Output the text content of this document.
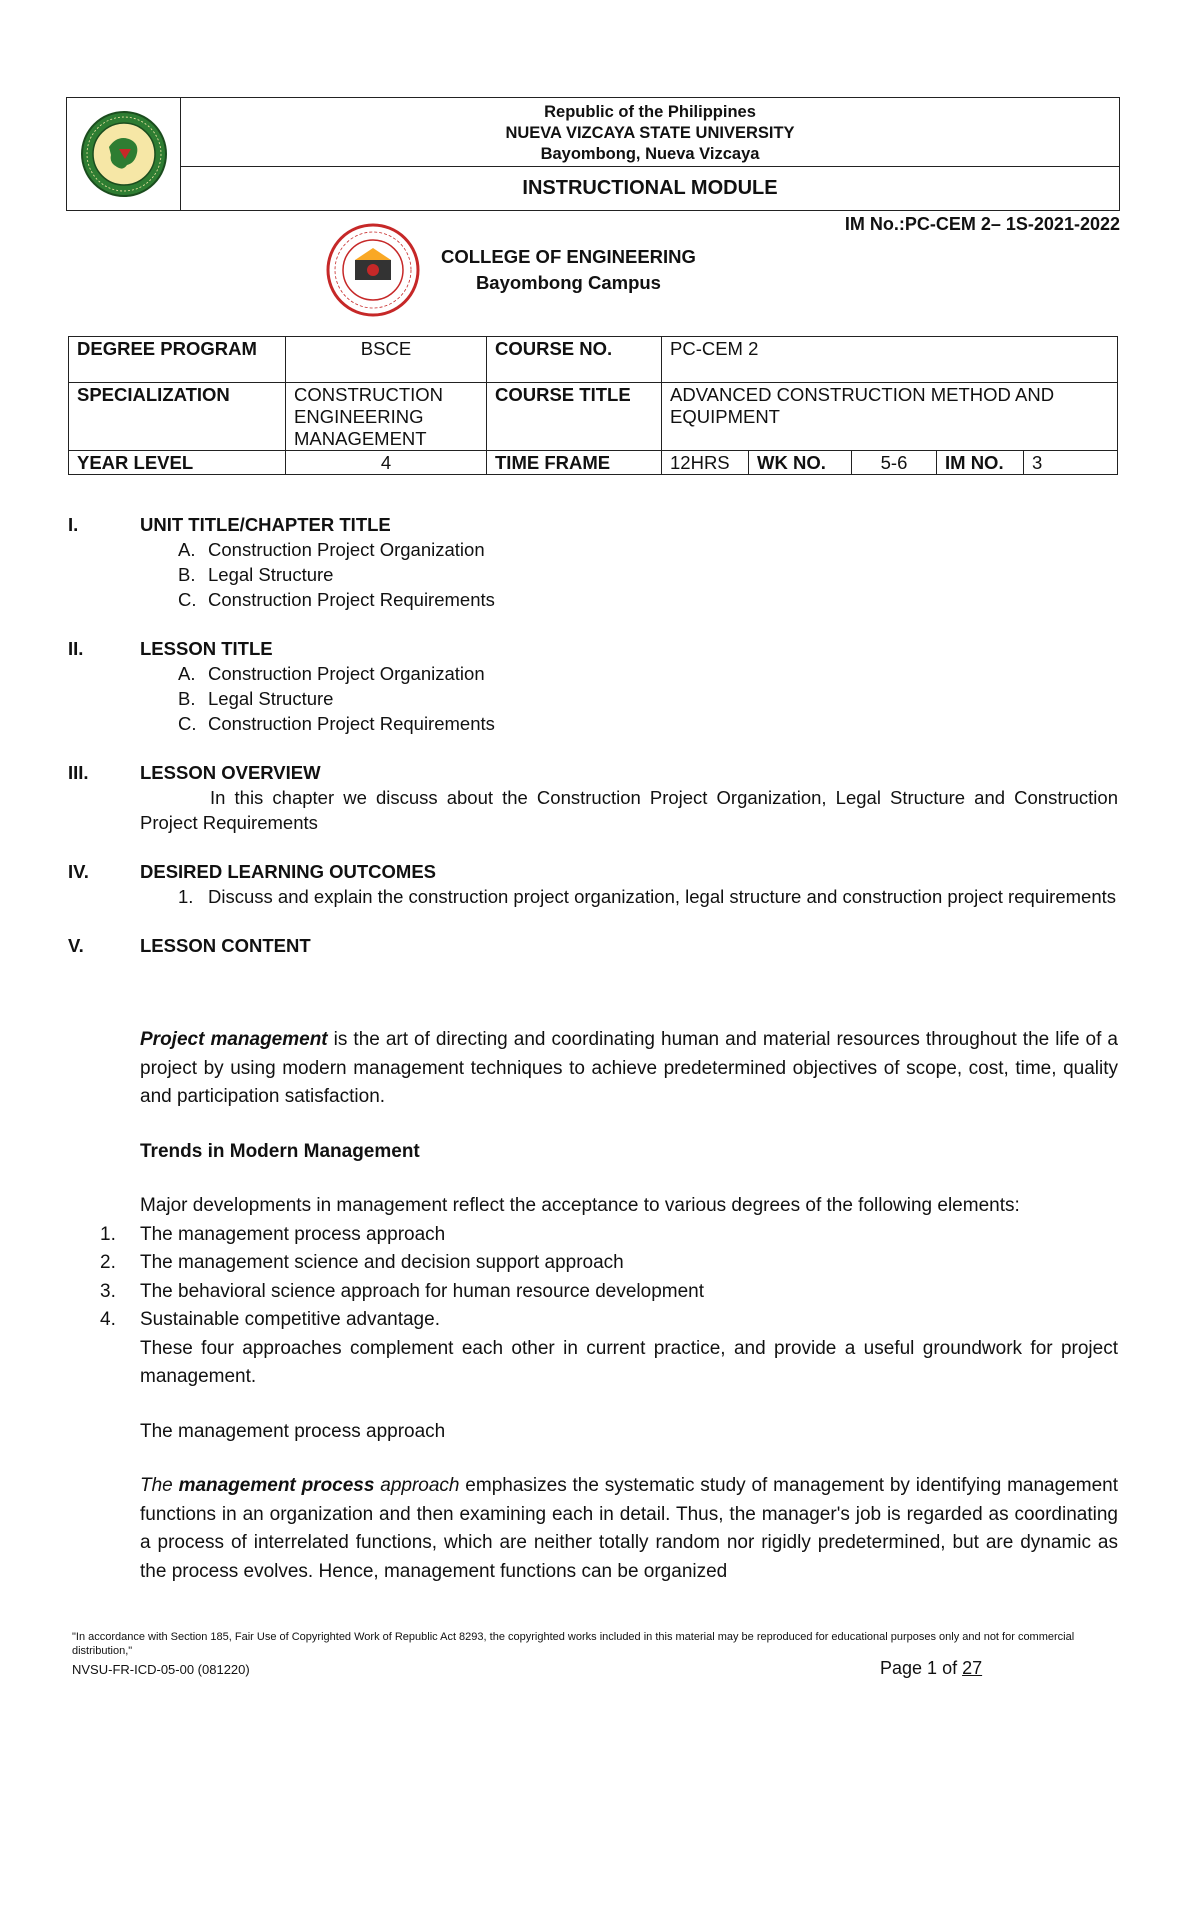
Republic of the Philippines
NUEVA VIZCAYA STATE UNIVERSITY
Bayombong, Nueva Vizcaya
INSTRUCTIONAL MODULE
IM No.:PC-CEM 2– 1S-2021-2022
COLLEGE OF ENGINEERING
Bayombong Campus
DEGREE PROGRAM	BSCE	COURSE NO.	PC-CEM 2				
SPECIALIZATION	CONSTRUCTION ENGINEERING MANAGEMENT	COURSE TITLE	ADVANCED CONSTRUCTION METHOD AND EQUIPMENT				
YEAR LEVEL	4	TIME FRAME	12HRS	WK NO.	5-6	IM NO.	3
I.	UNIT TITLE/CHAPTER TITLE
A. Construction Project Organization
B. Legal Structure
C. Construction Project Requirements
II.	LESSON TITLE
A. Construction Project Organization
B. Legal Structure
C. Construction Project Requirements
III.	LESSON OVERVIEW
In this chapter we discuss about the Construction Project Organization, Legal Structure and Construction Project Requirements
IV.	DESIRED LEARNING OUTCOMES
1. Discuss and explain the construction project organization, legal structure and construction project requirements
V.	LESSON CONTENT

Project management is the art of directing and coordinating human and material resources throughout the life of a project by using modern management techniques to achieve predetermined objectives of scope, cost, time, quality and participation satisfaction.

Trends in Modern Management

Major developments in management reflect the acceptance to various degrees of the following elements:

1. The management process approach
2. The management science and decision support approach
3. The behavioral science approach for human resource development
4. Sustainable competitive advantage.

These four approaches complement each other in current practice, and provide a useful groundwork for project management.

The management process approach

The management process approach emphasizes the systematic study of management by identifying management functions in an organization and then examining each in detail. Thus, the manager's job is regarded as coordinating a process of interrelated functions, which are neither totally random nor rigidly predetermined, but are dynamic as the process evolves. Hence, management functions can be organized

"In accordance with Section 185, Fair Use of Copyrighted Work of Republic Act 8293, the copyrighted works included in this material may be reproduced for educational purposes only and not for commercial distribution,"
NVSU-FR-ICD-05-00 (081220)	Page 1 of 27
